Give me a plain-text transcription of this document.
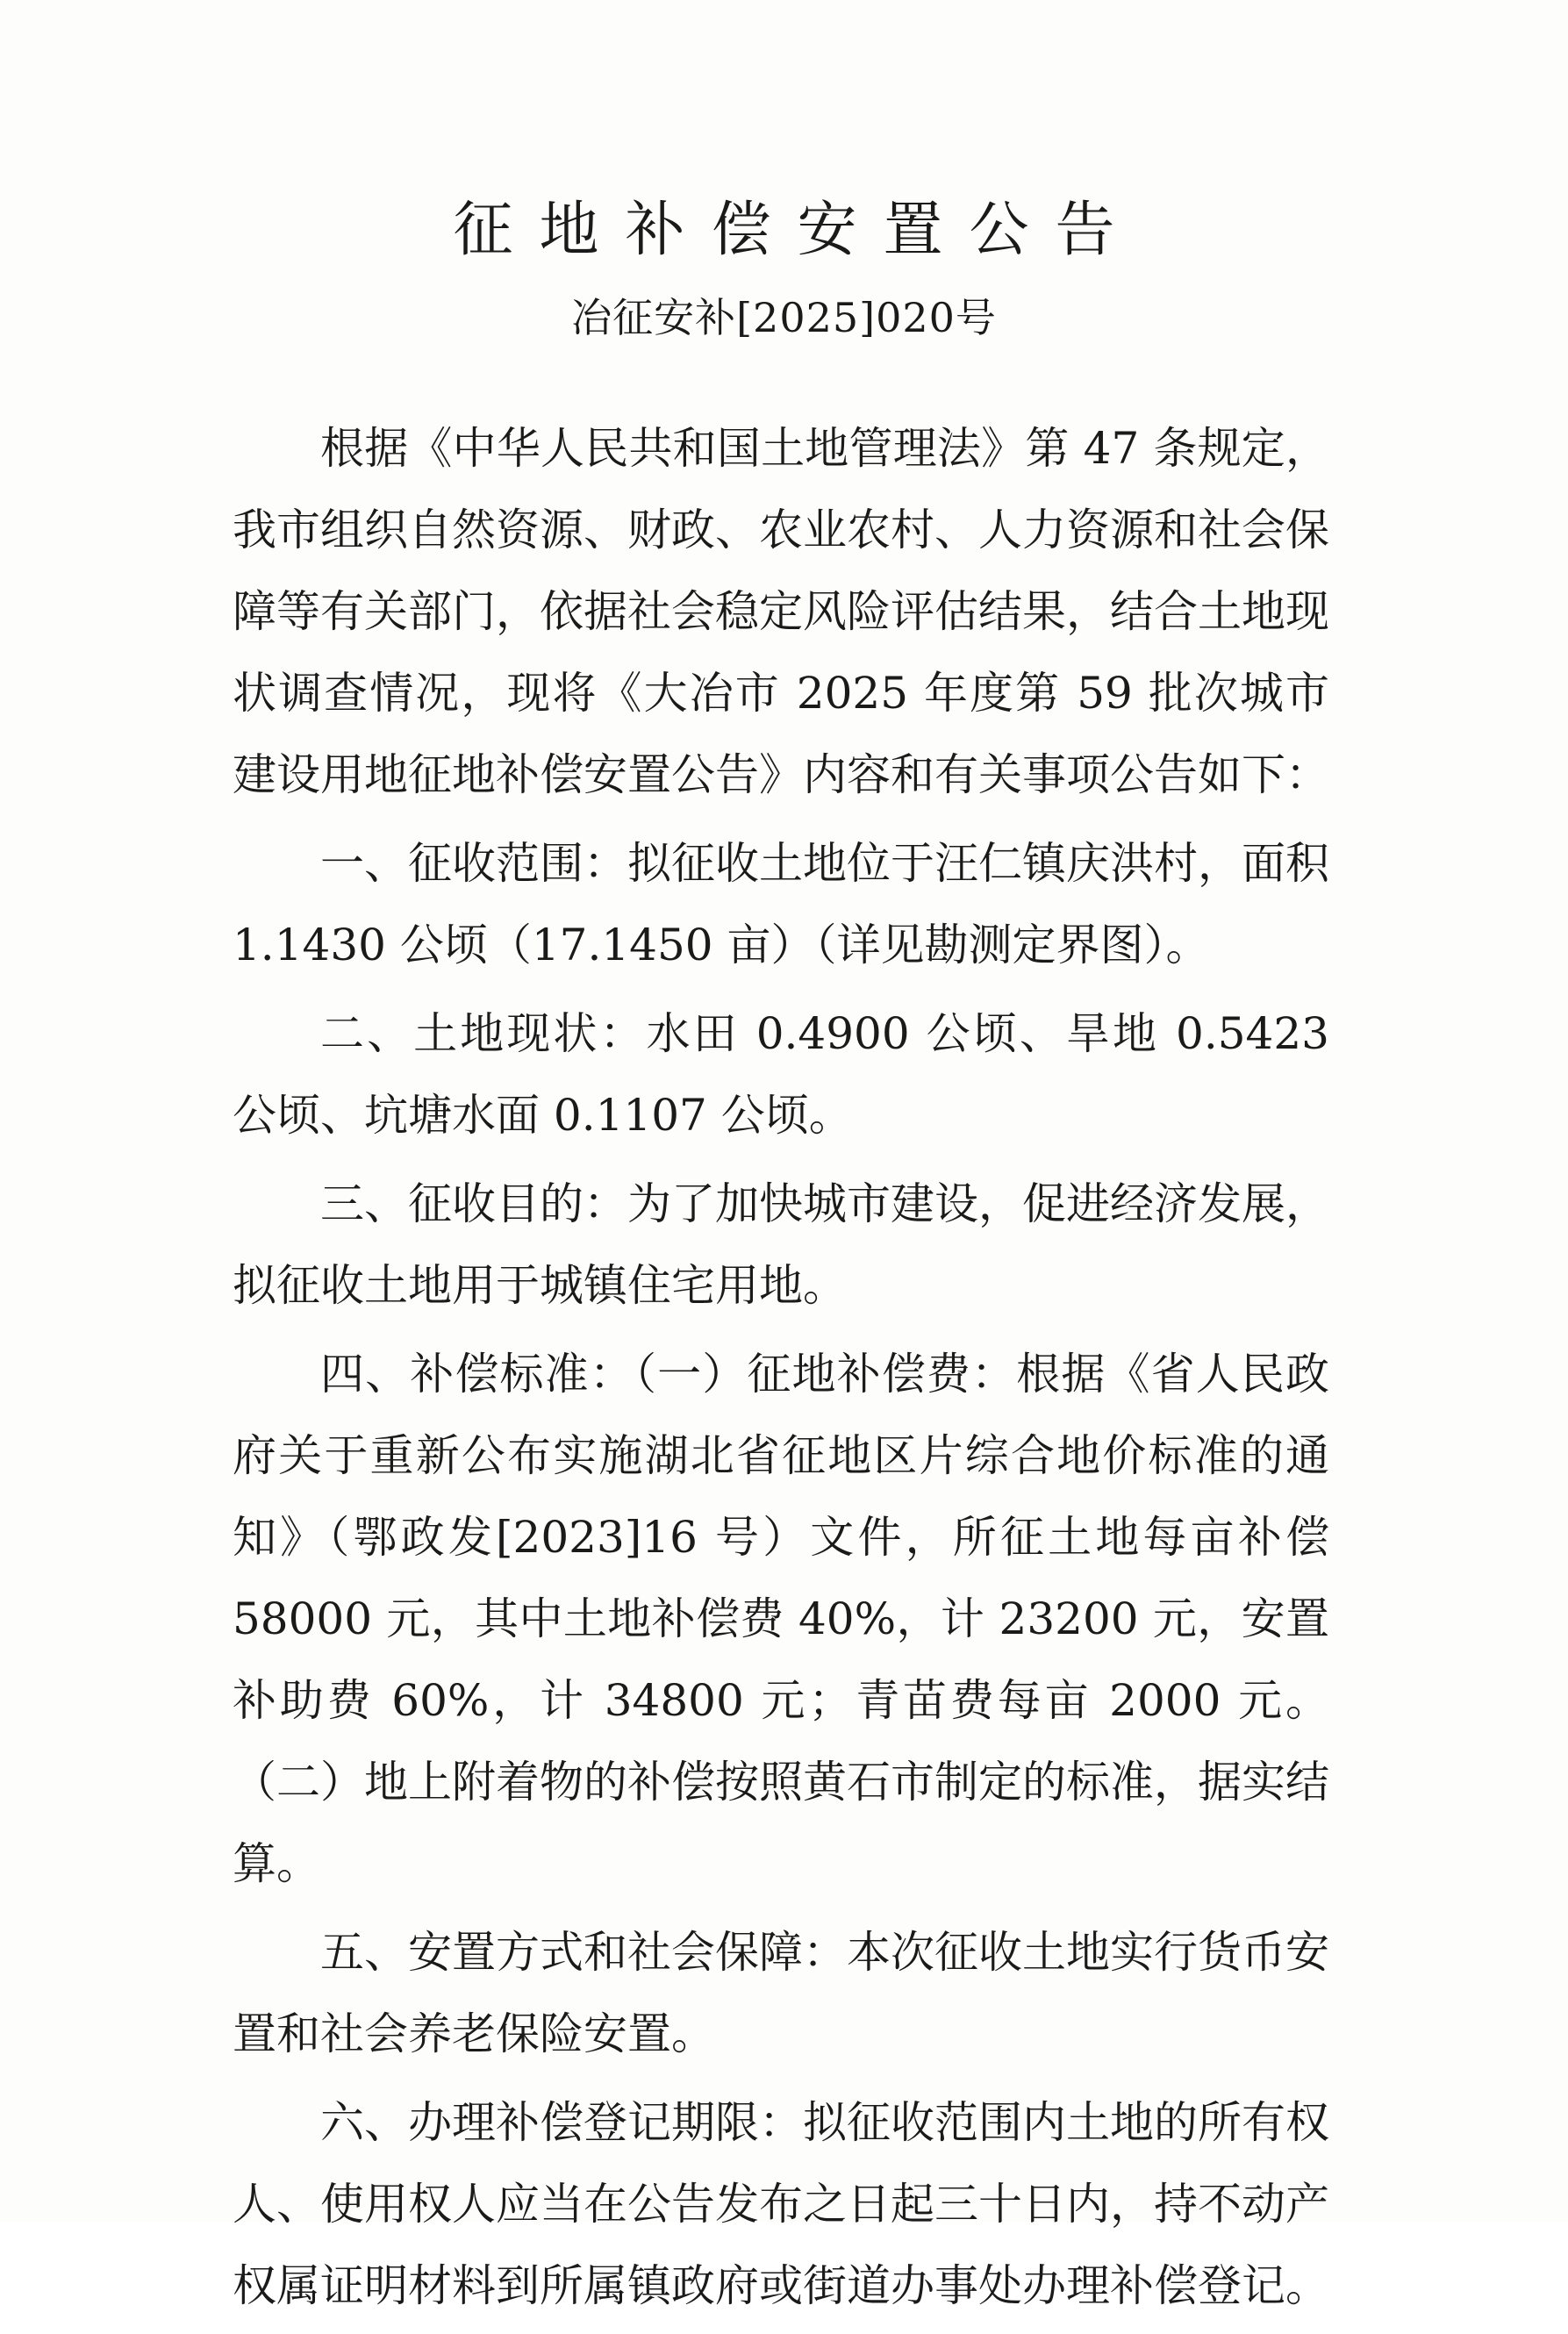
征地补偿安置公告
冶征安补[2025]020号

根据《中华人民共和国土地管理法》第 47 条规定，我市组织自然资源、财政、农业农村、人力资源和社会保障等有关部门，依据社会稳定风险评估结果，结合土地现状调查情况，现将《大冶市 2025 年度第 59 批次城市建设用地征地补偿安置公告》内容和有关事项公告如下：

一、征收范围：拟征收土地位于汪仁镇庆洪村，面积 1.1430 公顷（17.1450 亩）（详见勘测定界图）。

二、土地现状：水田 0.4900 公顷、旱地 0.5423 公顷、坑塘水面 0.1107 公顷。

三、征收目的：为了加快城市建设，促进经济发展，拟征收土地用于城镇住宅用地。

四、补偿标准：（一）征地补偿费：根据《省人民政府关于重新公布实施湖北省征地区片综合地价标准的通知》（鄂政发[2023]16 号）文件，所征土地每亩补偿 58000 元，其中土地补偿费 40%，计 23200 元，安置补助费 60%，计 34800 元；青苗费每亩 2000 元。（二）地上附着物的补偿按照黄石市制定的标准，据实结算。

五、安置方式和社会保障：本次征收土地实行货币安置和社会养老保险安置。

六、办理补偿登记期限：拟征收范围内土地的所有权人、使用权人应当在公告发布之日起三十日内，持不动产权属证明材料到所属镇政府或街道办事处办理补偿登记。
